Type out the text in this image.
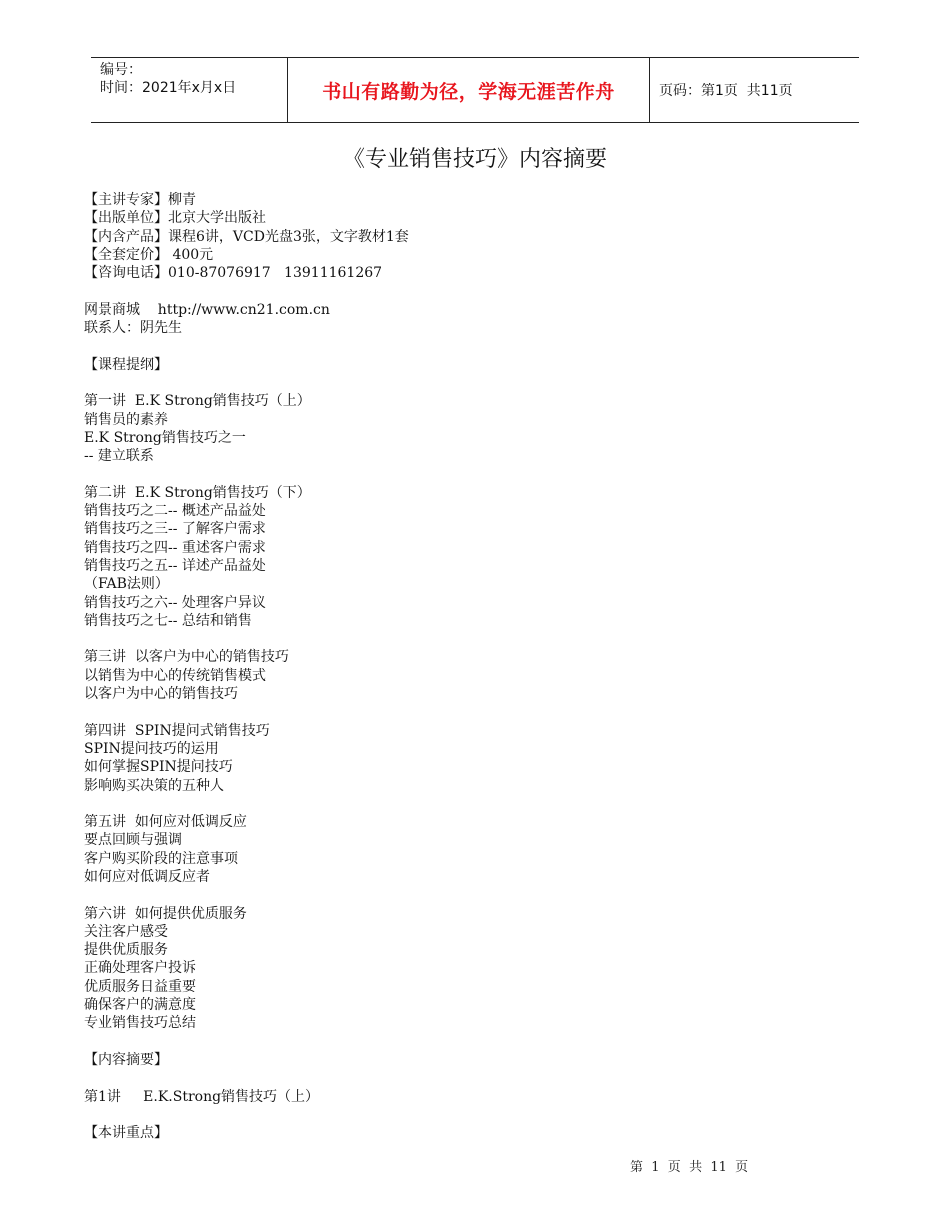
编号：
时间：2021年x月x日	书山有路勤为径，学海无涯苦作舟	页码：第1页  共11页
《专业销售技巧》内容摘要
【主讲专家】柳青
【出版单位】北京大学出版社
【内含产品】课程6讲，VCD光盘3张，文字教材1套
【全套定价】 400元
【咨询电话】010-87076917   13911161267
网景商城    http://www.cn21.com.cn
联系人：阴先生
【课程提纲】
第一讲  E.K Strong销售技巧（上）
销售员的素养
E.K Strong销售技巧之一
-- 建立联系
第二讲  E.K Strong销售技巧（下）
销售技巧之二-- 概述产品益处
销售技巧之三-- 了解客户需求
销售技巧之四-- 重述客户需求
销售技巧之五-- 详述产品益处
（FAB法则）
销售技巧之六-- 处理客户异议
销售技巧之七-- 总结和销售
第三讲  以客户为中心的销售技巧
以销售为中心的传统销售模式
以客户为中心的销售技巧
第四讲  SPIN提问式销售技巧
SPIN提问技巧的运用
如何掌握SPIN提问技巧
影响购买决策的五种人
第五讲  如何应对低调反应
要点回顾与强调
客户购买阶段的注意事项
如何应对低调反应者
第六讲  如何提供优质服务
关注客户感受
提供优质服务
正确处理客户投诉
优质服务日益重要
确保客户的满意度
专业销售技巧总结
【内容摘要】
第1讲     E.K.Strong销售技巧（上）
【本讲重点】
第  1  页  共  11  页
